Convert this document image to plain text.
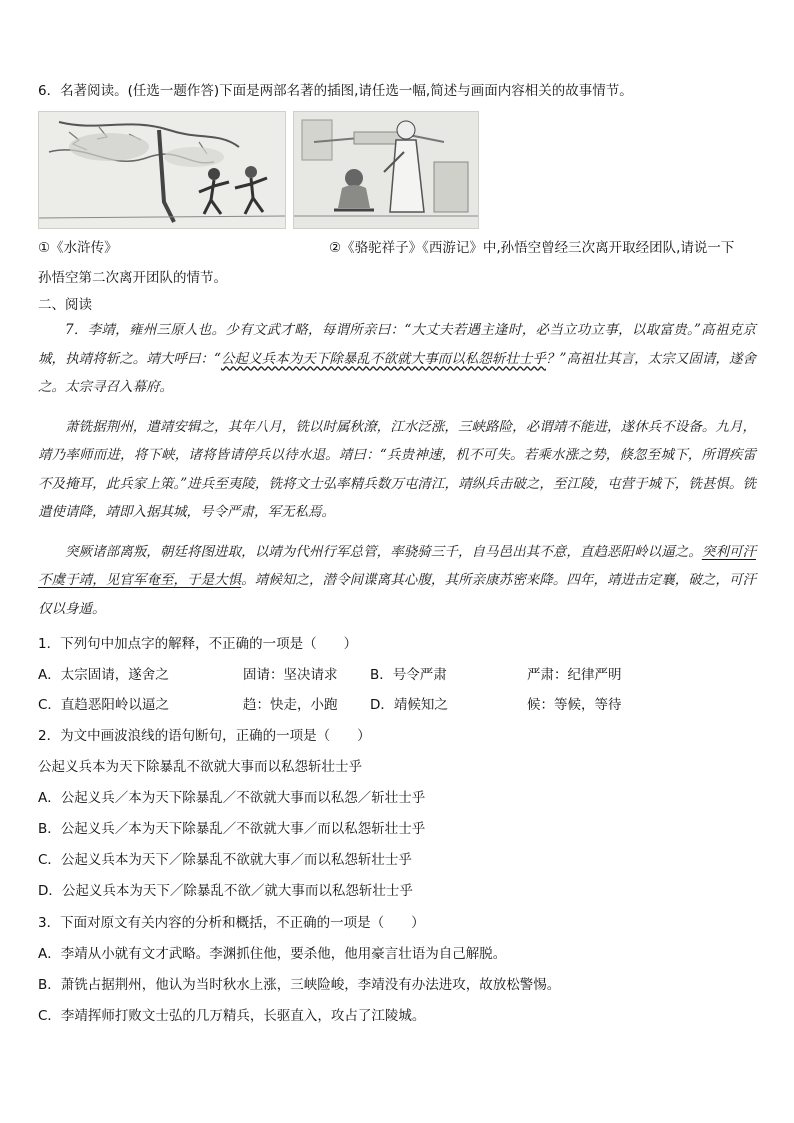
6．名著阅读。(任选一题作答)下面是两部名著的插图,请任选一幅,简述与画面内容相关的故事情节。
①《水浒传》	②《骆驼祥子》《西游记》中,孙悟空曾经三次离开取经团队,请说一下
孙悟空第二次离开团队的情节。
二、阅读

7．李靖，雍州三原人也。少有文武才略，每谓所亲曰：“大丈夫若遇主逢时，必当立功立事，以取富贵。”高祖克京城，执靖将斩之。靖大呼曰：“公起义兵本为天下除暴乱不欲就大事而以私怨斩壮士乎？”高祖壮其言，太宗又固请，遂舍之。太宗寻召入幕府。

萧铣据荆州，遣靖安辑之，其年八月，铣以时属秋潦，江水泛涨，三峡路险，必谓靖不能进，遂休兵不设备。九月，靖乃率师而进，将下峡，诸将皆请停兵以待水退。靖曰：“兵贵神速，机不可失。若乘水涨之势，倏忽至城下，所谓疾雷不及掩耳，此兵家上策。”进兵至夷陵，铣将文士弘率精兵数万屯清江，靖纵兵击破之，至江陵，屯营于城下，铣甚惧。铣遣使请降，靖即入据其城，号令严肃，军无私焉。

突厥诸部离叛，朝廷将图进取，以靖为代州行军总管，率骁骑三千，自马邑出其不意，直趋恶阳岭以逼之。突利可汗不虞于靖，见官军奄至，于是大惧。靖候知之，潜令间谍离其心腹，其所亲康苏密来降。四年，靖进击定襄，破之，可汗仅以身遁。

1．下列句中加点字的解释，不正确的一项是（　　）
A．太宗固请，遂舍之	固请：坚决请求 B．号令严肃	严肃：纪律严明
C．直趋恶阳岭以逼之	趋：快走，小跑 D．靖候知之	候：等候，等待
2．为文中画波浪线的语句断句，正确的一项是（　　）
公起义兵本为天下除暴乱不欲就大事而以私怨斩壮士乎
A．公起义兵／本为天下除暴乱／不欲就大事而以私怨／斩壮士乎
B．公起义兵／本为天下除暴乱／不欲就大事／而以私怨斩壮士乎
C．公起义兵本为天下／除暴乱不欲就大事／而以私怨斩壮士乎
D．公起义兵本为天下／除暴乱不欲／就大事而以私怨斩壮士乎
3．下面对原文有关内容的分析和概括，不正确的一项是（　　）
A．李靖从小就有文才武略。李渊抓住他，要杀他，他用豪言壮语为自己解脱。
B．萧铣占据荆州，他认为当时秋水上涨，三峡险峻，李靖没有办法进攻，故放松警惕。
C．李靖挥师打败文士弘的几万精兵，长驱直入，攻占了江陵城。
